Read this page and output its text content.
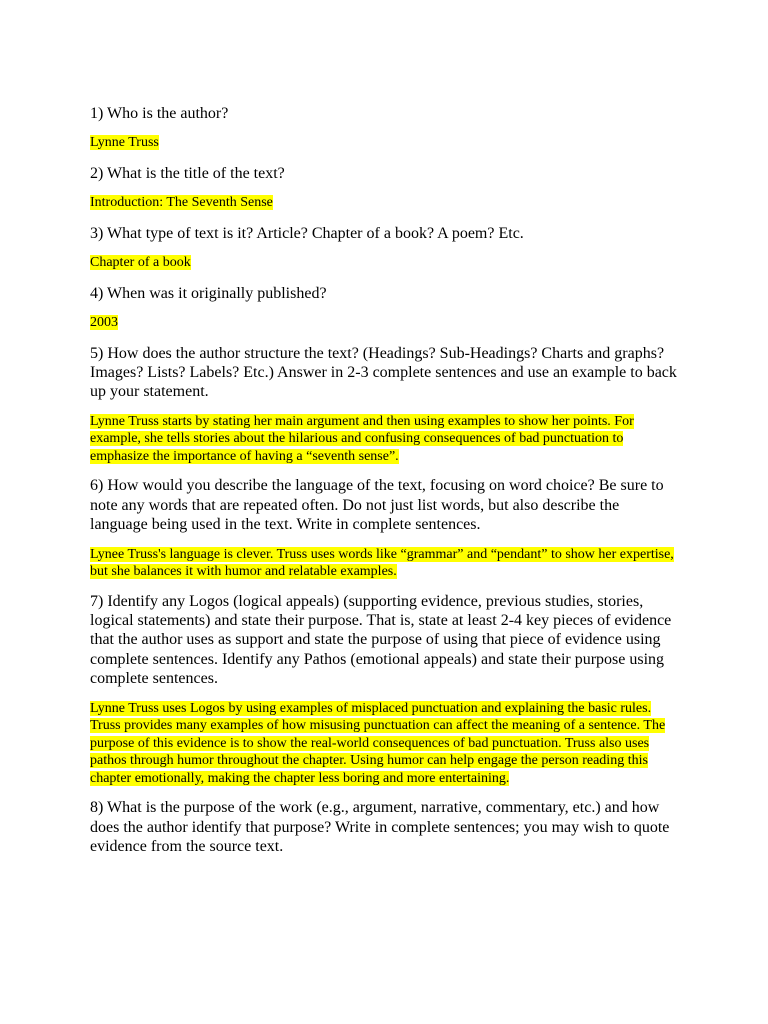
1) Who is the author?

Lynne Truss

2) What is the title of the text?

Introduction: The Seventh Sense

3) What type of text is it? Article? Chapter of a book? A poem? Etc.

Chapter of a book

4) When was it originally published?

2003

5) How does the author structure the text? (Headings? Sub-Headings? Charts and graphs? Images? Lists? Labels? Etc.) Answer in 2-3 complete sentences and use an example to back up your statement.

Lynne Truss starts by stating her main argument and then using examples to show her points. For example, she tells stories about the hilarious and confusing consequences of bad punctuation to emphasize the importance of having a “seventh sense”.

6) How would you describe the language of the text, focusing on word choice? Be sure to note any words that are repeated often. Do not just list words, but also describe the language being used in the text. Write in complete sentences.

Lynee Truss's language is clever. Truss uses words like “grammar” and “pendant” to show her expertise, but she balances it with humor and relatable examples.

7) Identify any Logos (logical appeals) (supporting evidence, previous studies, stories, logical statements) and state their purpose. That is, state at least 2-4 key pieces of evidence that the author uses as support and state the purpose of using that piece of evidence using complete sentences. Identify any Pathos (emotional appeals) and state their purpose using complete sentences.

Lynne Truss uses Logos by using examples of misplaced punctuation and explaining the basic rules. Truss provides many examples of how misusing punctuation can affect the meaning of a sentence. The purpose of this evidence is to show the real-world consequences of bad punctuation. Truss also uses pathos through humor throughout the chapter. Using humor can help engage the person reading this chapter emotionally, making the chapter less boring and more entertaining.

8) What is the purpose of the work (e.g., argument, narrative, commentary, etc.) and how does the author identify that purpose? Write in complete sentences; you may wish to quote evidence from the source text.
